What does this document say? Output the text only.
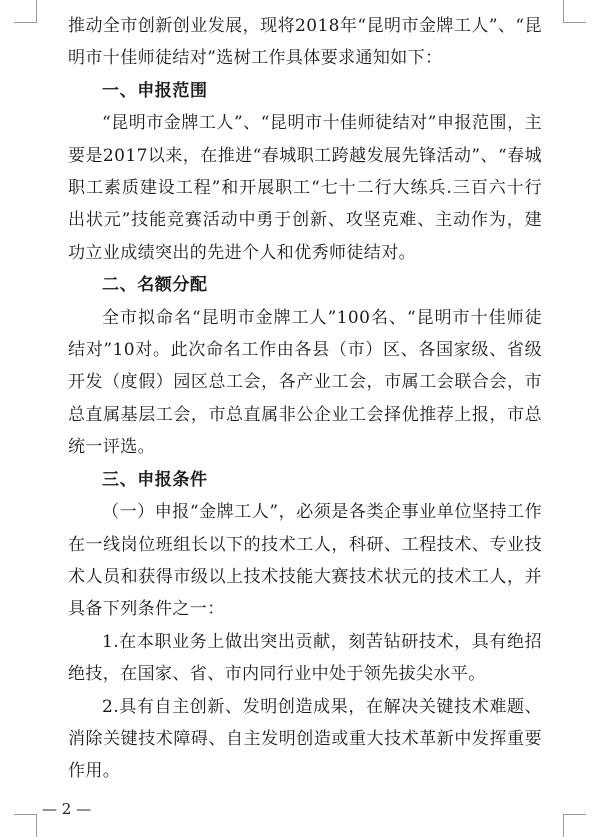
推动全市创新创业发展，现将2018年“昆明市金牌工人”、“昆明市十佳师徒结对”选树工作具体要求通知如下：

一、申报范围

“昆明市金牌工人”、“昆明市十佳师徒结对”申报范围，主要是2017以来，在推进“春城职工跨越发展先锋活动”、“春城职工素质建设工程”和开展职工“七十二行大练兵.三百六十行出状元”技能竞赛活动中勇于创新、攻坚克难、主动作为，建功立业成绩突出的先进个人和优秀师徒结对。

二、名额分配

全市拟命名“昆明市金牌工人”100名、“昆明市十佳师徒结对”10对。此次命名工作由各县（市）区、各国家级、省级开发（度假）园区总工会，各产业工会，市属工会联合会，市总直属基层工会，市总直属非公企业工会择优推荐上报，市总统一评选。

三、申报条件

（一）申报“金牌工人”，必须是各类企事业单位坚持工作在一线岗位班组长以下的技术工人，科研、工程技术、专业技术人员和获得市级以上技术技能大赛技术状元的技术工人，并具备下列条件之一：

1.在本职业务上做出突出贡献，刻苦钻研技术，具有绝招绝技，在国家、省、市内同行业中处于领先拔尖水平。

2.具有自主创新、发明创造成果，在解决关键技术难题、消除关键技术障碍、自主发明创造或重大技术革新中发挥重要作用。

— 2 —
